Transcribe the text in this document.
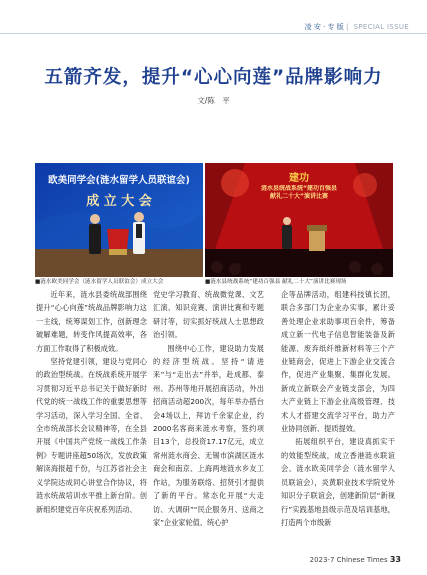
凌 安 · 专 版 | SPECIAL ISSUE
五箭齐发，提升“心心向莲”品牌影响力
文/陈　平
欧美同学会(涟水留学人员联谊会)
成 立 大 会
■涟水欧美同学会（涟水留学人员联谊会）成立大会
建功
涟水县统战系统“建功百强县 献礼二十大”演讲比赛
■涟水县统战系统“建功百强县 献礼二十大”演讲比赛现场

近年来，涟水县委统战部围绕提升“心心向莲”统战品牌影响力这一主线，统筹谋划工作，创新理念破解难题，转变作风提高效率，各方面工作取得了积极成效。

坚持党建引领，建设与党同心的政治型统战。在统战系统开展学习贯彻习近平总书记关于做好新时代党的统一战线工作的重要思想等学习活动，深入学习全国、全省、全市统战部长会议精神等，在全县开展《中国共产党统一战线工作条例》专题讲座超50场次，发放政策解读海报超千份，与江苏省社会主义学院达成同心讲堂合作协议，将涟水统战培训水平推上新台阶。创新组织建党百年庆祝系列活动、

党史学习教育、统战微党课、文艺汇演、知识竞赛、演讲比赛和专题研讨等，切实抓好统战人士思想政治引领。

围绕中心工作，建设助力发展的经济型统战。坚持“请进来”与“走出去”并举，赴成都、泰州、苏州等地开展招商活动，外出招商活动超200次，每年举办搭台会4场以上，拜访千余家企业，约2000名客商来涟水考察，签约项目13个，总投资17.17亿元，成立常州涟水商会、无锡市滨湖区涟水商会和南京、上海两地涟水乡友工作站，为服务联络、招贤引才提供了新的平台。常态化开展“大走访、大调研”“民企服务月、送商之家”企业家轮值、统心护

企等品牌活动，组建科技镇长团，联合多部门为企业办实事，累计妥善处理企业求助事项百余件，筹备成立新一代电子信息智能装备及新能源、废弃纸纤维新材料等三个产业链商会，促进上下游企业交流合作，促进产业集聚、集群化发展。新成立新联会产业链支部会，为四大产业链上下游企业高级管理、技术人才搭建交流学习平台，助力产业协同创新、提质提效。

拓展组织平台，建设真抓实干的效能型统战，成立香港涟水联谊会、涟水欧美同学会（涟水留学人员联谊会），炎黄职业技术学院党外知识分子联谊会，创建新阶层“新视行”实践基地县级示范及培训基地，打造两个市级新

2023-7 Chinese Times 33
